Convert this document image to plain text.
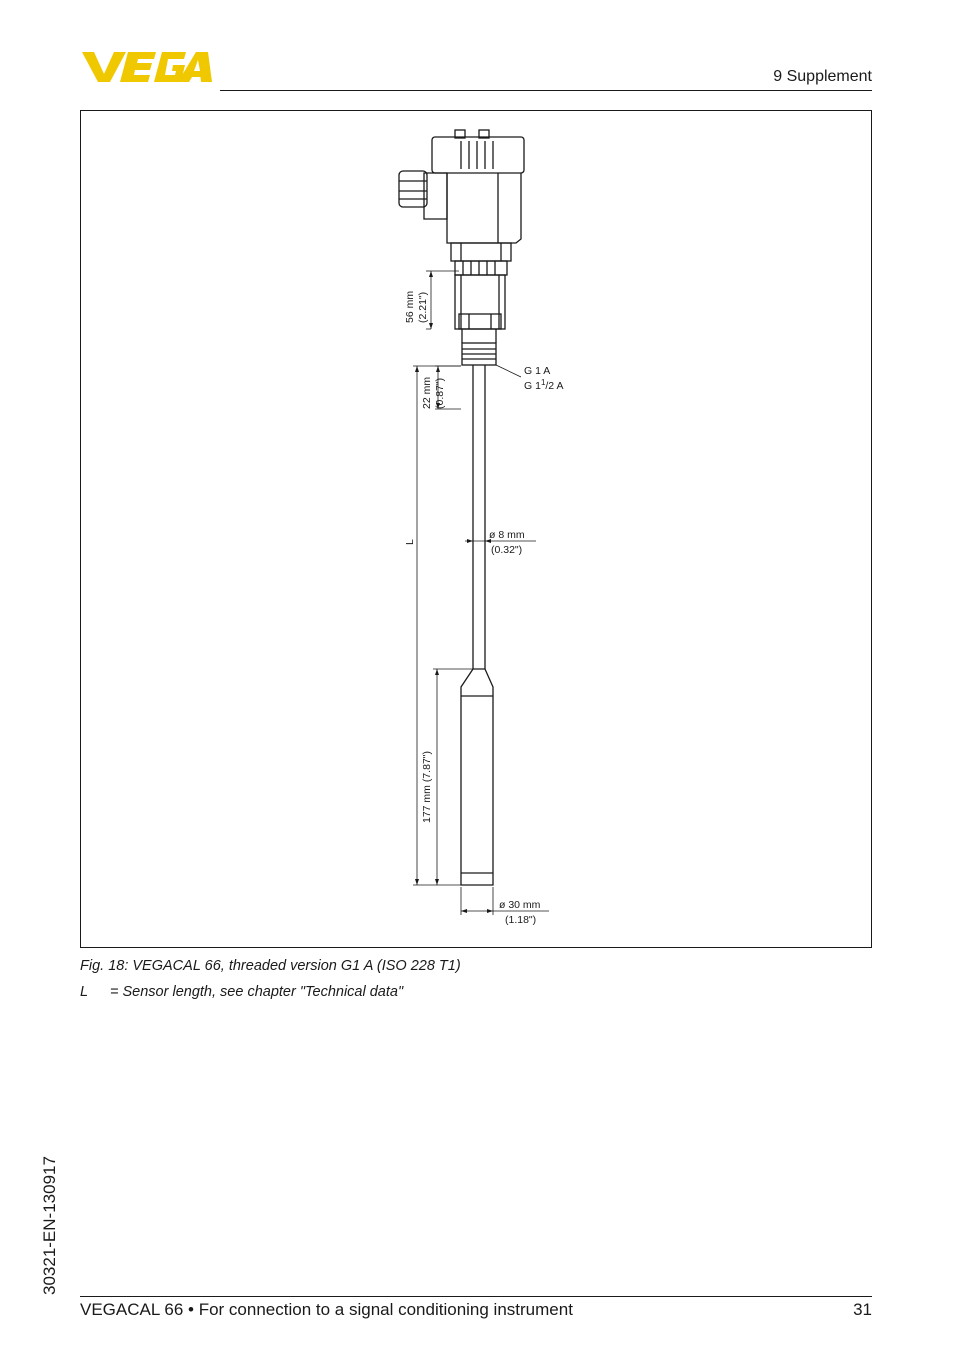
9 Supplement
56 mm (2.21")
22 mm (0.87")
L
177 mm (7.87")
G 1 A
G $1^1/2$ A
ø 8 mm
(0.32")
ø 30 mm
(1.18")
Fig. 18: VEGACAL 66, threaded version G1 A (ISO 228 T1)
L = Sensor length, see chapter "Technical data"
30321-EN-130917
VEGACAL 66 • For connection to a signal conditioning instrument	31
